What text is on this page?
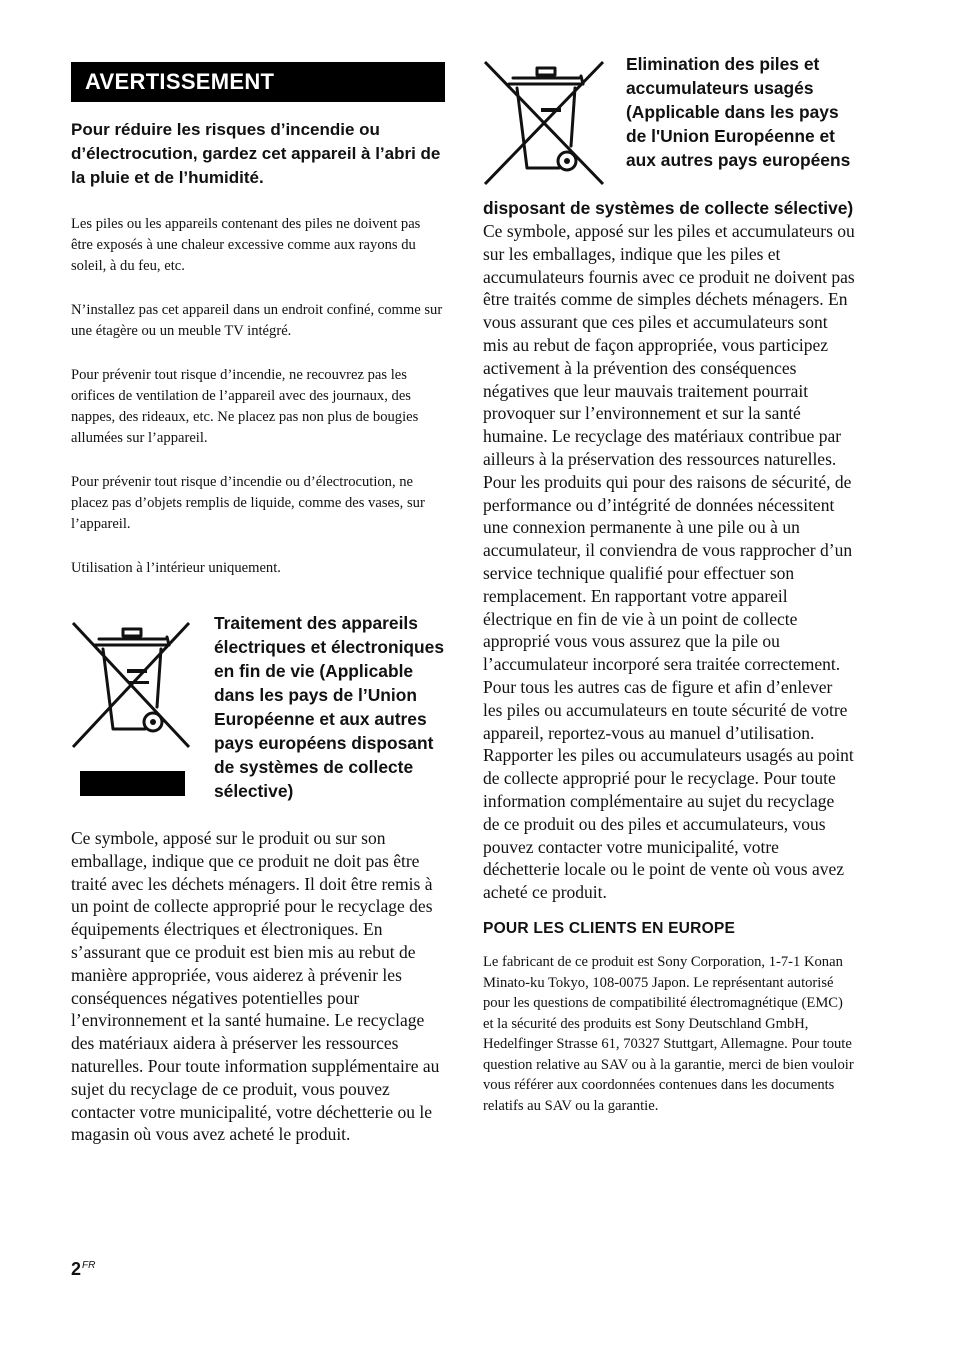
AVERTISSEMENT

Pour réduire les risques d’incendie ou d’électrocution, gardez cet appareil à l’abri de la pluie et de l’humidité.

Les piles ou les appareils contenant des piles ne doivent pas être exposés à une chaleur excessive comme aux rayons du soleil, à du feu, etc.

N’installez pas cet appareil dans un endroit confiné, comme sur une étagère ou un meuble TV intégré.

Pour prévenir tout risque d’incendie, ne recouvrez pas les orifices de ventilation de l’appareil avec des journaux, des nappes, des rideaux, etc. Ne placez pas non plus de bougies allumées sur l’appareil.

Pour prévenir tout risque d’incendie ou d’électrocution, ne placez pas d’objets remplis de liquide, comme des vases, sur l’appareil.

Utilisation à l’intérieur uniquement.

Traitement des appareils électriques et électroniques en fin de vie (Applicable dans les pays de l’Union Européenne et aux autres pays européens disposant de systèmes de collecte sélective)

Ce symbole, apposé sur le produit ou sur son emballage, indique que ce produit ne doit pas être traité avec les déchets ménagers. Il doit être remis à un point de collecte approprié pour le recyclage des équipements électriques et électroniques. En s’assurant que ce produit est bien mis au rebut de manière appropriée, vous aiderez à prévenir les conséquences négatives potentielles pour l’environnement et la santé humaine. Le recyclage des matériaux aidera à préserver les ressources naturelles. Pour toute information supplémentaire au sujet du recyclage de ce produit, vous pouvez contacter votre municipalité, votre déchetterie ou le magasin où vous avez acheté le produit.

Elimination des piles et accumulateurs usagés (Applicable dans les pays de l'Union Européenne et aux autres pays européens

disposant de systèmes de collecte sélective)

Ce symbole, apposé sur les piles et accumulateurs ou sur les emballages, indique que les piles et accumulateurs fournis avec ce produit ne doivent pas être traités comme de simples déchets ménagers. En vous assurant que ces piles et accumulateurs sont mis au rebut de façon appropriée, vous participez activement à la prévention des conséquences négatives que leur mauvais traitement pourrait provoquer sur l’environnement et sur la santé humaine. Le recyclage des matériaux contribue par ailleurs à la préservation des ressources naturelles. Pour les produits qui pour des raisons de sécurité, de performance ou d’intégrité de données nécessitent une connexion permanente à une pile ou à un accumulateur, il conviendra de vous rapprocher d’un service technique qualifié pour effectuer son remplacement. En rapportant votre appareil électrique en fin de vie à un point de collecte approprié vous vous assurez que la pile ou l’accumulateur incorporé sera traitée correctement. Pour tous les autres cas de figure et afin d’enlever les piles ou accumulateurs en toute sécurité de votre appareil, reportez-vous au manuel d’utilisation. Rapporter les piles ou accumulateurs usagés au point de collecte approprié pour le recyclage. Pour toute information complémentaire au sujet du recyclage de ce produit ou des piles et accumulateurs, vous pouvez contacter votre municipalité, votre déchetterie locale ou le point de vente où vous avez acheté ce produit.

POUR LES CLIENTS EN EUROPE

Le fabricant de ce produit est Sony Corporation, 1-7-1 Konan Minato-ku Tokyo, 108-0075 Japon. Le représentant autorisé pour les questions de compatibilité électromagnétique (EMC) et la sécurité des produits est Sony Deutschland GmbH, Hedelfinger Strasse 61, 70327 Stuttgart, Allemagne. Pour toute question relative au SAV ou à la garantie, merci de bien vouloir vous référer aux coordonnées contenues dans les documents relatifs au SAV ou la garantie.

$2^{FR}$
